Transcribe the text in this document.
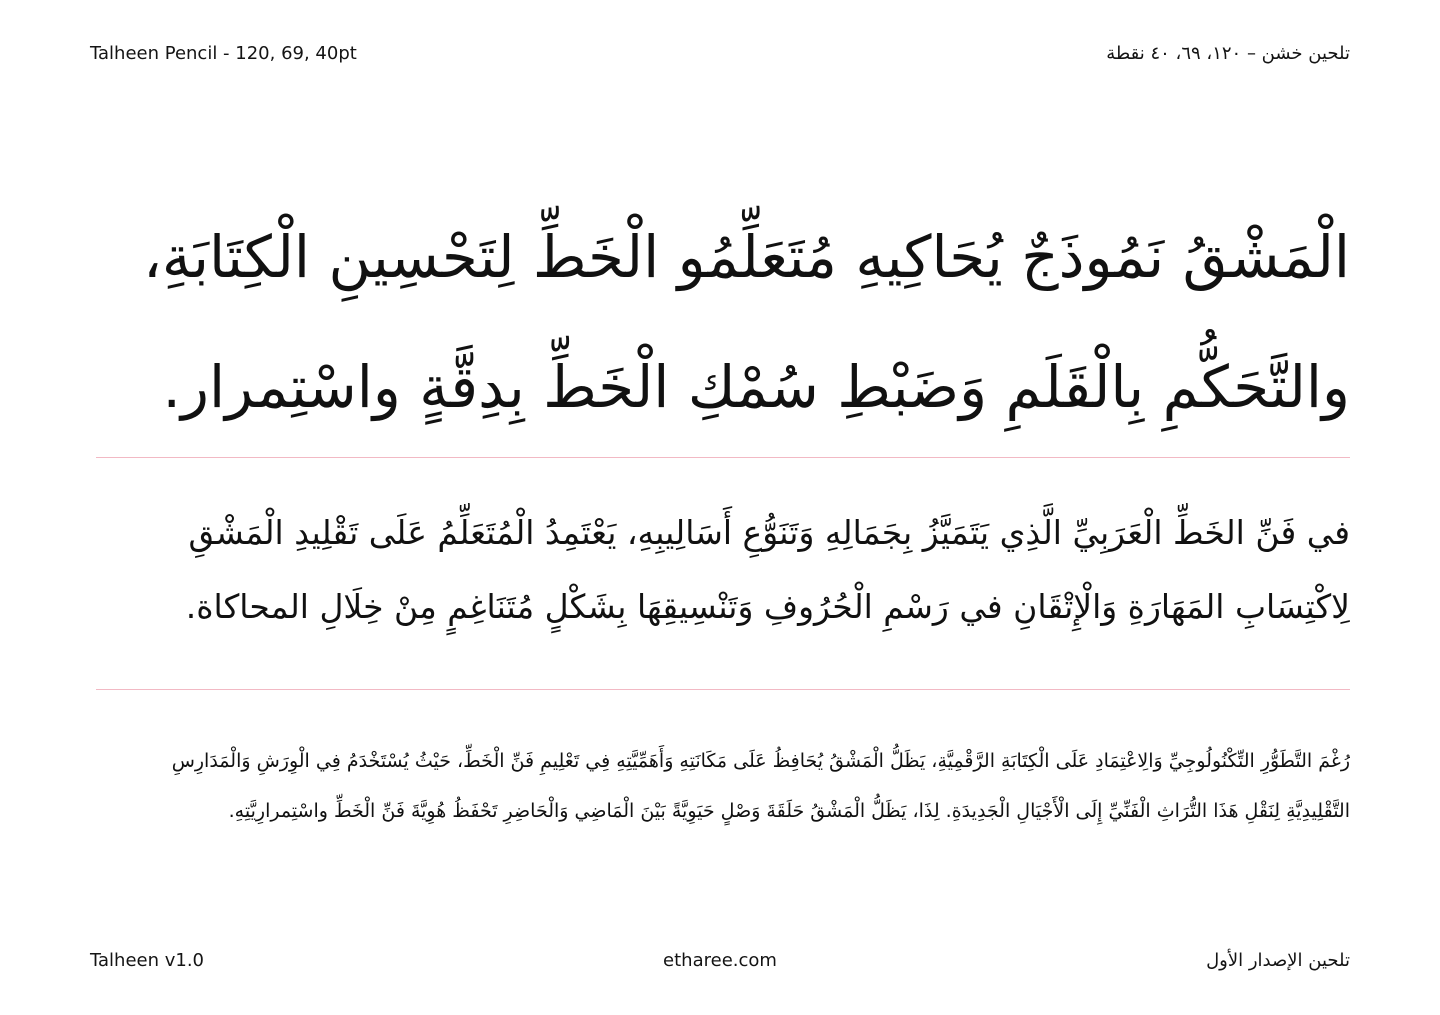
Talheen Pencil - 120, 69, 40pt	تلحين خشن – ١٢٠، ٦٩، ٤٠ نقطة
الْمَشْقُ نَمُوذَجٌ يُحَاكِيهِ مُتَعَلِّمُو الْخَطِّ لِتَحْسِينِ الْكِتَابَةِ،
والتَّحَكُّمِ بِالْقَلَمِ وَضَبْطِ سُمْكِ الْخَطِّ بِدِقَّةٍ واسْتِمرار.
في فَنِّ الخَطِّ الْعَرَبِيِّ الَّذِي يَتَمَيَّزُ بِجَمَالِهِ وَتَنَوُّعِ أَسَالِيبِهِ، يَعْتَمِدُ الْمُتَعَلِّمُ عَلَى تَقْلِيدِ الْمَشْقِ
لِاكْتِسَابِ المَهَارَةِ وَالْإِتْقَانِ في رَسْمِ الْحُرُوفِ وَتَنْسِيقِهَا بِشَكْلٍ مُتَنَاغِمٍ مِنْ خِلَالِ المحاكاة.
رُغْمَ التَّطَوُّرِ التِّكْنُولُوجِيِّ وَالِاعْتِمَادِ عَلَى الْكِتَابَةِ الرَّقْمِيَّةِ، يَظَلُّ الْمَشْقُ يُحَافِظُ عَلَى مَكَانَتِهِ وَأَهَمِّيَّتِهِ فِي تَعْلِيمِ فَنِّ الْخَطِّ، حَيْثُ يُسْتَخْدَمُ فِي الْوِرَشِ وَالْمَدَارِسِ
التَّقْلِيدِيَّةِ لِنَقْلِ هَذَا التُّرَاثِ الْفَنِّيِّ إِلَى الْأَجْيَالِ الْجَدِيدَةِ. لِذَا، يَظَلُّ الْمَشْقُ حَلَقَةَ وَصْلٍ حَيَوِيَّةً بَيْنَ الْمَاضِي وَالْحَاضِرِ تَحْفَظُ هُوِيَّةَ فَنِّ الْخَطِّ واسْتِمرارِيَّتِهِ.
Talheen v1.0	etharee.com	تلحين الإصدار الأول
